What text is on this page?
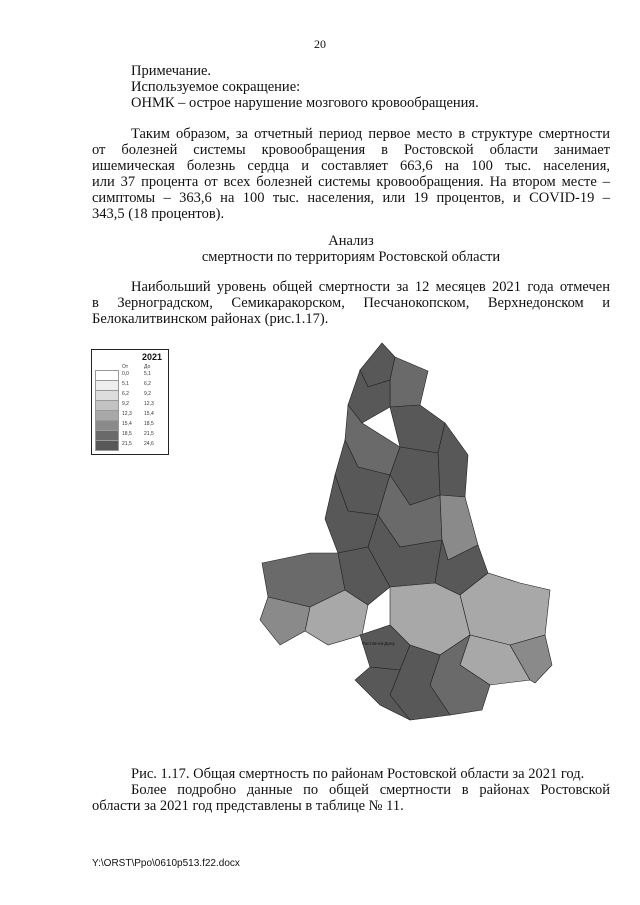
20
Примечание.
Используемое сокращение:
ОНМК – острое нарушение мозгового кровообращения.
Таким образом, за отчетный период первое место в структуре смертности
от болезней системы кровообращения в Ростовской области занимает
ишемическая болезнь сердца и составляет 663,6 на 100 тыс. населения,
или 37 процента от всех болезней системы кровообращения. На втором месте –
симптомы – 363,6 на 100 тыс. населения, или 19 процентов, и COVID-19 –
343,5 (18 процентов).
Анализ
смертности по территориям Ростовской области
Наибольший уровень общей смертности за 12 месяцев 2021 года отмечен
в Зерноградском, Семикаракорском, Песчанокопском, Верхнедонском и
Белокалитвинском районах (рис.1.17).
2021
От	До
0,0	5,1
5,1	6,2
6,2	9,2
9,2	12,3
12,3 15,4
15,4 18,5
18,5 21,5
21,5 24,6
Ростов-на-Дону
Рис. 1.17. Общая смертность по районам Ростовской области за 2021 год.
Более подробно данные по общей смертности в районах Ростовской
области за 2021 год представлены в таблице № 11.
Y:\ORST\Ppo\0610p513.f22.docx
